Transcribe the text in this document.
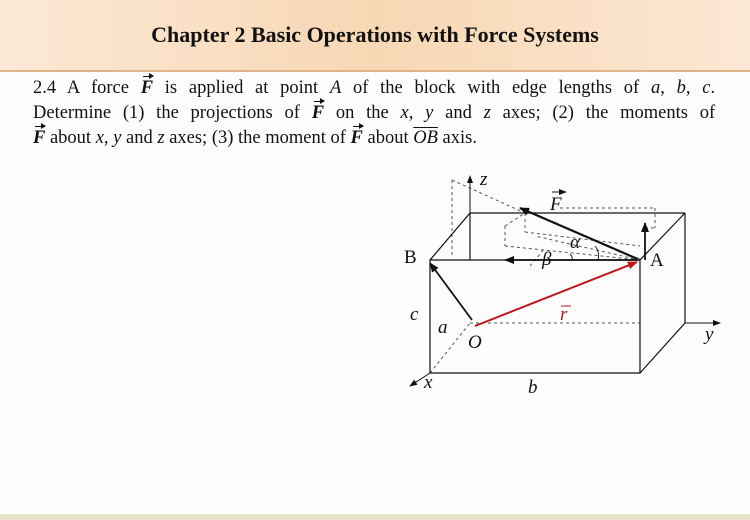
Chapter 2 Basic Operations with Force Systems
2.4 A force F is applied at point A of the block with edge lengths of a, b, c.
Determine (1) the projections of F on the x, y and z axes; (2) the moments of
F about x, y and z axes; (3) the moment of F about $\overline{OB}$ axis.
z
F
α
B	β	A
c
a
O
r
y
x	b
